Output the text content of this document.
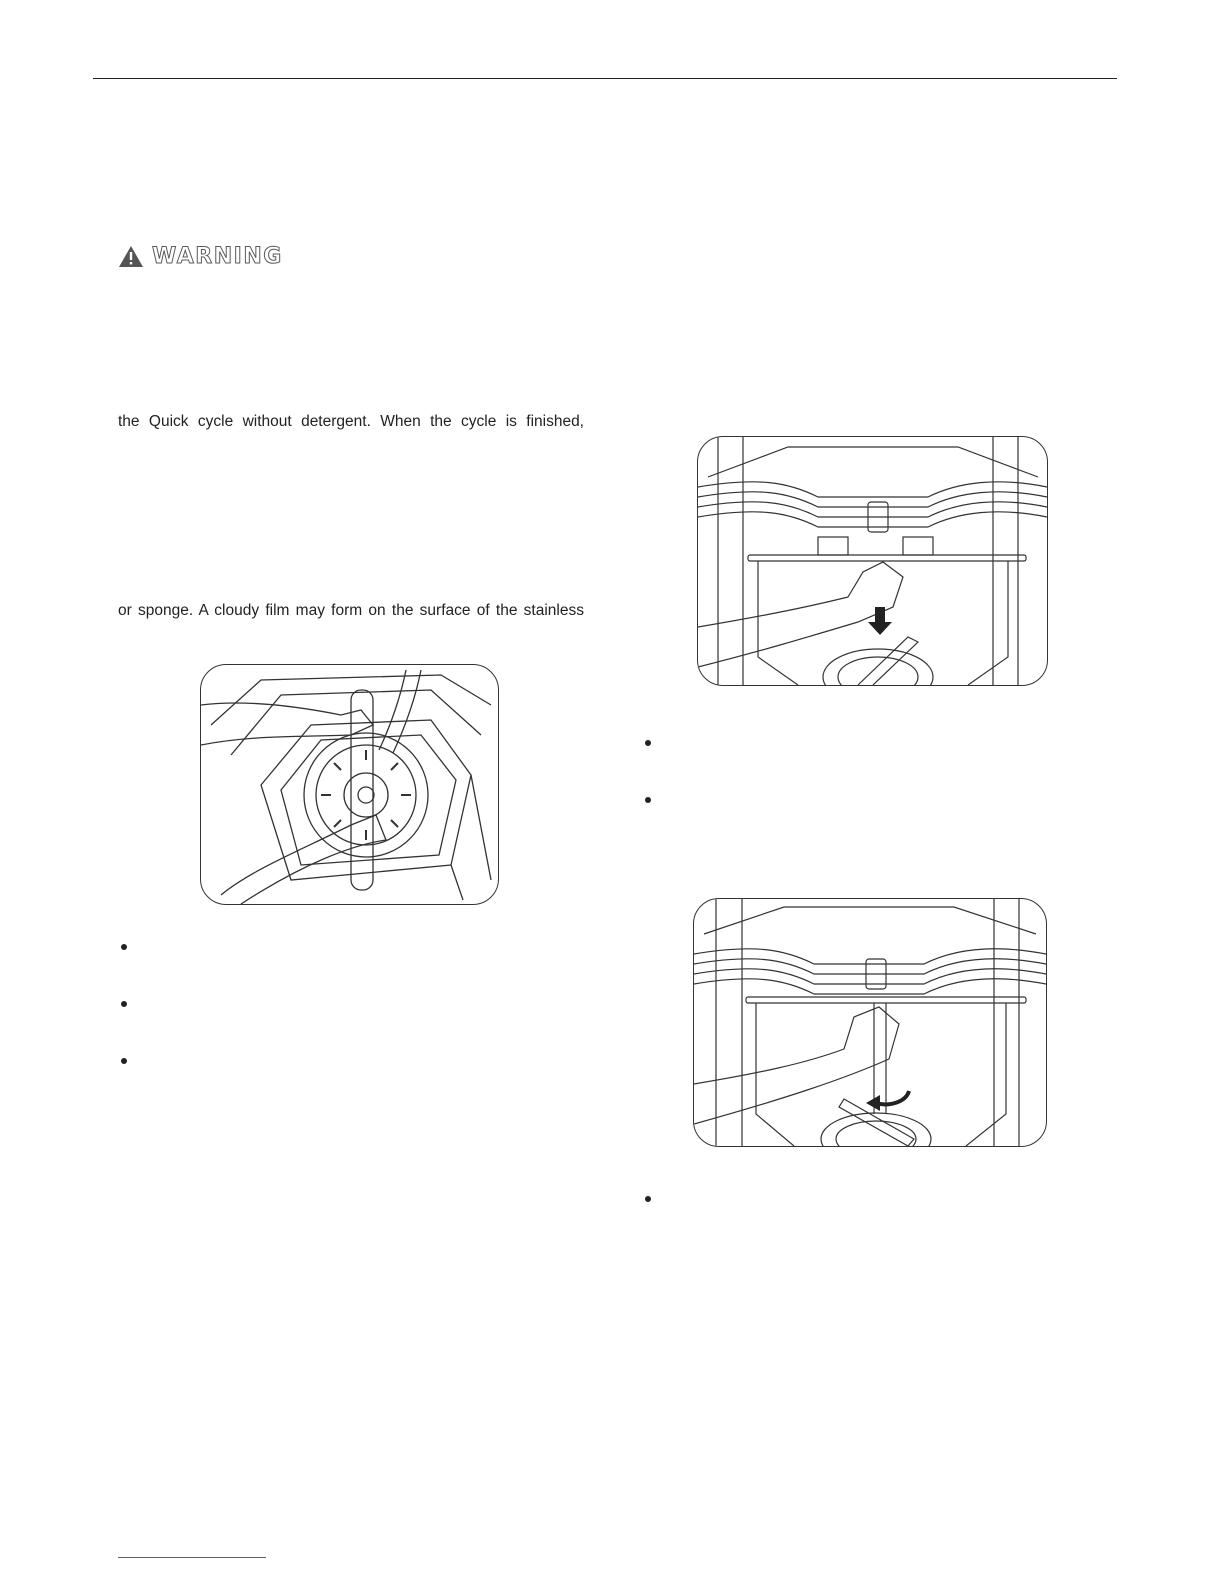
WARNING
the Quick cycle without detergent. When the cycle is finished,
or sponge. A cloudy film may form on the surface of the stainless
